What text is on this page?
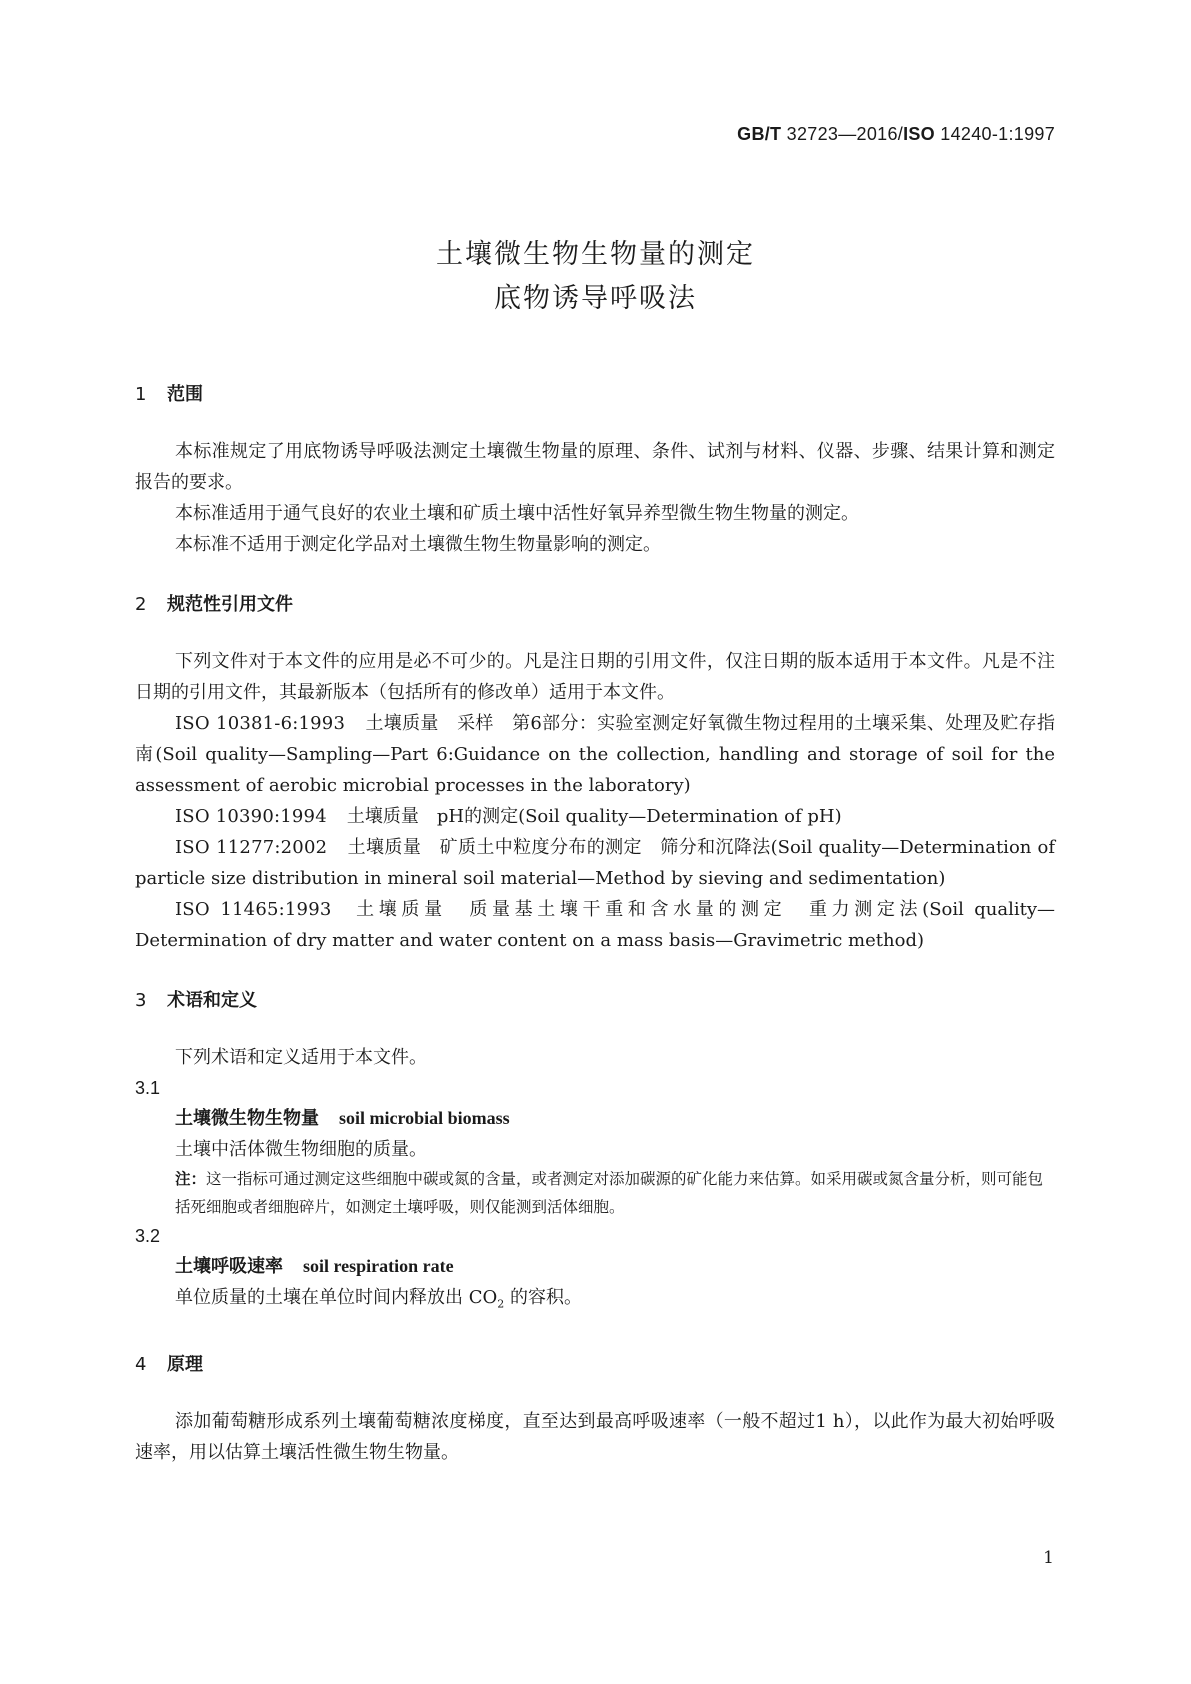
GB/T 32723—2016/ISO 14240-1:1997
土壤微生物生物量的测定
底物诱导呼吸法
1 范围

本标准规定了用底物诱导呼吸法测定土壤微生物量的原理、条件、试剂与材料、仪器、步骤、结果计算和测定报告的要求。

本标准适用于通气良好的农业土壤和矿质土壤中活性好氧异养型微生物生物量的测定。

本标准不适用于测定化学品对土壤微生物生物量影响的测定。

2 规范性引用文件

下列文件对于本文件的应用是必不可少的。凡是注日期的引用文件，仅注日期的版本适用于本文件。凡是不注日期的引用文件，其最新版本（包括所有的修改单）适用于本文件。

ISO 10381-6:1993 土壤质量　采样　第6部分：实验室测定好氧微生物过程用的土壤采集、处理及贮存指南(Soil quality—Sampling—Part 6:Guidance on the collection, handling and storage of soil for the assessment of aerobic microbial processes in the laboratory)

ISO 10390:1994 土壤质量　pH的测定(Soil quality—Determination of pH)

ISO 11277:2002 土壤质量　矿质土中粒度分布的测定　筛分和沉降法(Soil quality—Determination of particle size distribution in mineral soil material—Method by sieving and sedimentation)

ISO 11465:1993 土壤质量　质量基土壤干重和含水量的测定　重力测定法(Soil quality—Determination of dry matter and water content on a mass basis—Gravimetric method)

3 术语和定义

下列术语和定义适用于本文件。

3.1
土壤微生物生物量 soil microbial biomass

土壤中活体微生物细胞的质量。

注：这一指标可通过测定这些细胞中碳或氮的含量，或者测定对添加碳源的矿化能力来估算。如采用碳或氮含量分析，则可能包括死细胞或者细胞碎片，如测定土壤呼吸，则仅能测到活体细胞。
3.2
土壤呼吸速率 soil respiration rate

单位质量的土壤在单位时间内释放出 $CO_2$ 的容积。

4 原理

添加葡萄糖形成系列土壤葡萄糖浓度梯度，直至达到最高呼吸速率（一般不超过1 h），以此作为最大初始呼吸速率，用以估算土壤活性微生物生物量。

1
